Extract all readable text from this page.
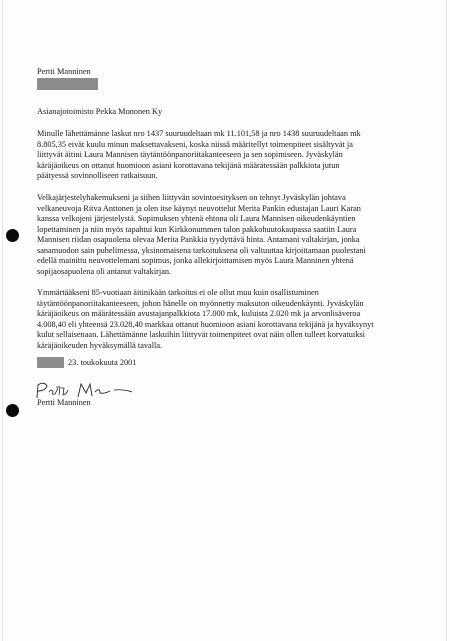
Pertti Manninen
Asianajotoimisto Pekka Mononen Ky
Minulle lähettämänne laskut nro 1437 suuruudeltaan mk 11.101,58 ja nro 1438 suuruudeltaan mk
8.805,35 eivät kuulu minun maksettavakseni, koska niissä määritellyt toimenpiteet sisältyvät ja
liittyvät äitini Laura Mannisen täytäntöönpanoriitakanteeseen ja sen sopimiseen. Jyväskylän
käräjäoikeus on ottanut huomioon asiani korottavana tekijänä määrätessään palkkiota jutun
päätyessä sovinnolliseen ratkaisuun.
Velkajärjestelyhakemukseni ja siihen liittyvän sovintoesityksen on tehnyt Jyväskylän johtava
velkaneuvoja Ritva Anttonen ja olen itse käynyt neuvottelut Merita Pankin edustajan Lauri Karan
kanssa velkojeni järjestelystä. Sopimuksen yhtenä ehtona oli Laura Mannisen oikeudenkäyntien
lopettaminen ja niin myös tapahtui kun Kirkkonummen talon pakkohuutokaupassa saatiin Laura
Mannisen riidan osapuolena olevaa Merita Pankkia tyydyttävä hinta. Antamani valtakirjan, jonka
sanamuodon sain puhelimessa, yksinomaisena tarkoituksena oli valtuuttaa kirjoittamaan puolestani
edellä mainittu neuvottelemani sopimus, jonka allekirjoittamisen myös Laura Manninen yhtenä
sopijaosapuolena oli antanut valtakirjan.
Ymmärtääkseni 85-vuotiaan äitinikään tarkoitus ei ole ollut muu kuin osallistuminen
täytäntöönpanoriitakanteeseen, johon hänelle on myönnetty maksuton oikeudenkäynti. Jyväskylän
käräjäoikeus on määrätessään avustajanpalkkiota 17.000 mk, kuluista 2.020 mk ja arvonlisäveroa
4.008,40 eli yhteensä 23.028,40 markkaa ottanut huomioon asiani korottavana tekijänä ja hyväksynyt
kulut sellaisenaan. Lähettämänne laskuihin liittyvät toimenpiteet ovat näin ollen tulleet korvatuiksi
käräjäoikeuden hyväksymällä tavalla.
23. toukokuuta 2001
Pertti Manninen
